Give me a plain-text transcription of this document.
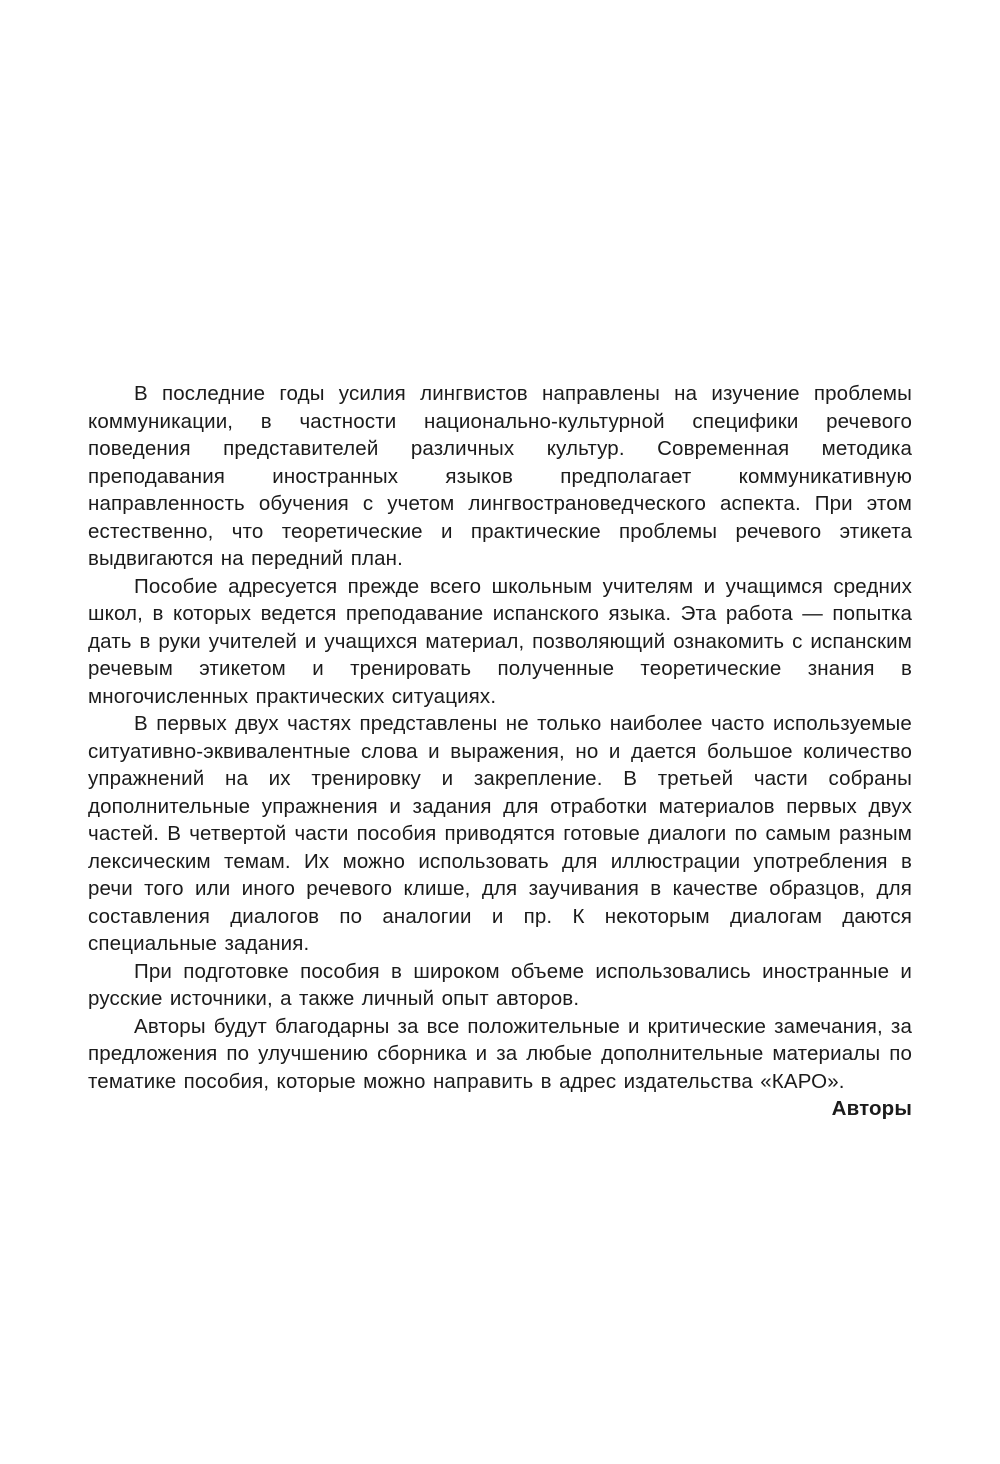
В последние годы усилия лингвистов направлены на изучение проблемы коммуникации, в частности национально-культурной специфики речевого поведения представителей различных культур. Современная методика преподавания иностранных языков предполагает коммуникативную направленность обучения с учетом лингвострановедческого аспекта. При этом естественно, что теоретические и практические проблемы речевого этикета выдвигаются на передний план.

Пособие адресуется прежде всего школьным учителям и учащимся средних школ, в которых ведется преподавание испанского языка. Эта работа — попытка дать в руки учителей и учащихся материал, позволяющий ознакомить с испанским речевым этикетом и тренировать полученные теоретические знания в многочисленных практических ситуациях.

В первых двух частях представлены не только наиболее часто используемые ситуативно-эквивалентные слова и выражения, но и дается большое количество упражнений на их тренировку и закрепление. В третьей части собраны дополнительные упражнения и задания для отработки материалов первых двух частей. В четвертой части пособия приводятся готовые диалоги по самым разным лексическим темам. Их можно использовать для иллюстрации употребления в речи того или иного речевого клише, для заучивания в качестве образцов, для составления диалогов по аналогии и пр. К некоторым диалогам даются специальные задания.

При подготовке пособия в широком объеме использовались иностранные и русские источники, а также личный опыт авторов.

Авторы будут благодарны за все положительные и критические замечания, за предложения по улучшению сборника и за любые дополнительные материалы по тематике пособия, которые можно направить в адрес издательства «КАРО».

Авторы
